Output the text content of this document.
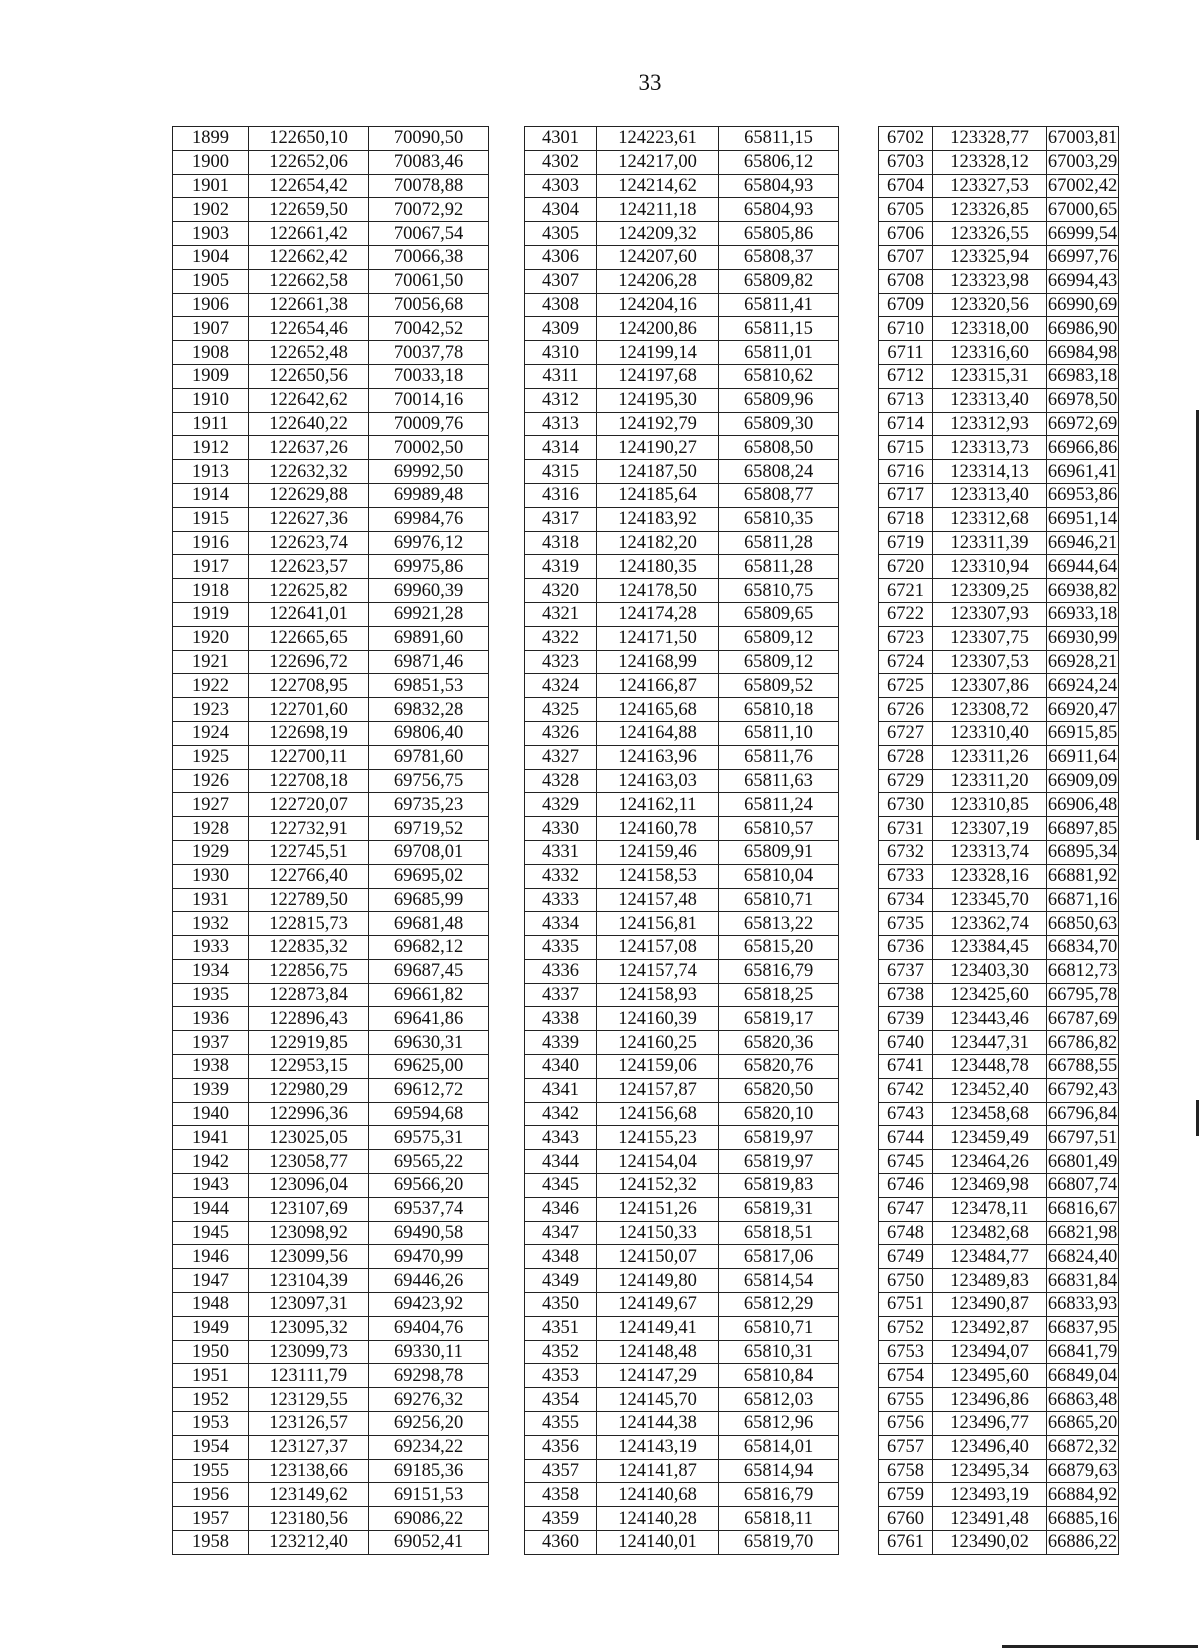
33
1899	122650,10	70090,50		4301	124223,61	65811,15		6702	123328,77	67003,81
1900	122652,06	70083,46		4302	124217,00	65806,12		6703	123328,12	67003,29
1901	122654,42	70078,88		4303	124214,62	65804,93		6704	123327,53	67002,42
1902	122659,50	70072,92		4304	124211,18	65804,93		6705	123326,85	67000,65
1903	122661,42	70067,54		4305	124209,32	65805,86		6706	123326,55	66999,54
1904	122662,42	70066,38		4306	124207,60	65808,37		6707	123325,94	66997,76
1905	122662,58	70061,50		4307	124206,28	65809,82		6708	123323,98	66994,43
1906	122661,38	70056,68		4308	124204,16	65811,41		6709	123320,56	66990,69
1907	122654,46	70042,52		4309	124200,86	65811,15		6710	123318,00	66986,90
1908	122652,48	70037,78		4310	124199,14	65811,01		6711	123316,60	66984,98
1909	122650,56	70033,18		4311	124197,68	65810,62		6712	123315,31	66983,18
1910	122642,62	70014,16		4312	124195,30	65809,96		6713	123313,40	66978,50
1911	122640,22	70009,76		4313	124192,79	65809,30		6714	123312,93	66972,69
1912	122637,26	70002,50		4314	124190,27	65808,50		6715	123313,73	66966,86
1913	122632,32	69992,50		4315	124187,50	65808,24		6716	123314,13	66961,41
1914	122629,88	69989,48		4316	124185,64	65808,77		6717	123313,40	66953,86
1915	122627,36	69984,76		4317	124183,92	65810,35		6718	123312,68	66951,14
1916	122623,74	69976,12		4318	124182,20	65811,28		6719	123311,39	66946,21
1917	122623,57	69975,86		4319	124180,35	65811,28		6720	123310,94	66944,64
1918	122625,82	69960,39		4320	124178,50	65810,75		6721	123309,25	66938,82
1919	122641,01	69921,28		4321	124174,28	65809,65		6722	123307,93	66933,18
1920	122665,65	69891,60		4322	124171,50	65809,12		6723	123307,75	66930,99
1921	122696,72	69871,46		4323	124168,99	65809,12		6724	123307,53	66928,21
1922	122708,95	69851,53		4324	124166,87	65809,52		6725	123307,86	66924,24
1923	122701,60	69832,28		4325	124165,68	65810,18		6726	123308,72	66920,47
1924	122698,19	69806,40		4326	124164,88	65811,10		6727	123310,40	66915,85
1925	122700,11	69781,60		4327	124163,96	65811,76		6728	123311,26	66911,64
1926	122708,18	69756,75		4328	124163,03	65811,63		6729	123311,20	66909,09
1927	122720,07	69735,23		4329	124162,11	65811,24		6730	123310,85	66906,48
1928	122732,91	69719,52		4330	124160,78	65810,57		6731	123307,19	66897,85
1929	122745,51	69708,01		4331	124159,46	65809,91		6732	123313,74	66895,34
1930	122766,40	69695,02		4332	124158,53	65810,04		6733	123328,16	66881,92
1931	122789,50	69685,99		4333	124157,48	65810,71		6734	123345,70	66871,16
1932	122815,73	69681,48		4334	124156,81	65813,22		6735	123362,74	66850,63
1933	122835,32	69682,12		4335	124157,08	65815,20		6736	123384,45	66834,70
1934	122856,75	69687,45		4336	124157,74	65816,79		6737	123403,30	66812,73
1935	122873,84	69661,82		4337	124158,93	65818,25		6738	123425,60	66795,78
1936	122896,43	69641,86		4338	124160,39	65819,17		6739	123443,46	66787,69
1937	122919,85	69630,31		4339	124160,25	65820,36		6740	123447,31	66786,82
1938	122953,15	69625,00		4340	124159,06	65820,76		6741	123448,78	66788,55
1939	122980,29	69612,72		4341	124157,87	65820,50		6742	123452,40	66792,43
1940	122996,36	69594,68		4342	124156,68	65820,10		6743	123458,68	66796,84
1941	123025,05	69575,31		4343	124155,23	65819,97		6744	123459,49	66797,51
1942	123058,77	69565,22		4344	124154,04	65819,97		6745	123464,26	66801,49
1943	123096,04	69566,20		4345	124152,32	65819,83		6746	123469,98	66807,74
1944	123107,69	69537,74		4346	124151,26	65819,31		6747	123478,11	66816,67
1945	123098,92	69490,58		4347	124150,33	65818,51		6748	123482,68	66821,98
1946	123099,56	69470,99		4348	124150,07	65817,06		6749	123484,77	66824,40
1947	123104,39	69446,26		4349	124149,80	65814,54		6750	123489,83	66831,84
1948	123097,31	69423,92		4350	124149,67	65812,29		6751	123490,87	66833,93
1949	123095,32	69404,76		4351	124149,41	65810,71		6752	123492,87	66837,95
1950	123099,73	69330,11		4352	124148,48	65810,31		6753	123494,07	66841,79
1951	123111,79	69298,78		4353	124147,29	65810,84		6754	123495,60	66849,04
1952	123129,55	69276,32		4354	124145,70	65812,03		6755	123496,86	66863,48
1953	123126,57	69256,20		4355	124144,38	65812,96		6756	123496,77	66865,20
1954	123127,37	69234,22		4356	124143,19	65814,01		6757	123496,40	66872,32
1955	123138,66	69185,36		4357	124141,87	65814,94		6758	123495,34	66879,63
1956	123149,62	69151,53		4358	124140,68	65816,79		6759	123493,19	66884,92
1957	123180,56	69086,22		4359	124140,28	65818,11		6760	123491,48	66885,16
1958	123212,40	69052,41		4360	124140,01	65819,70		6761	123490,02	66886,22
